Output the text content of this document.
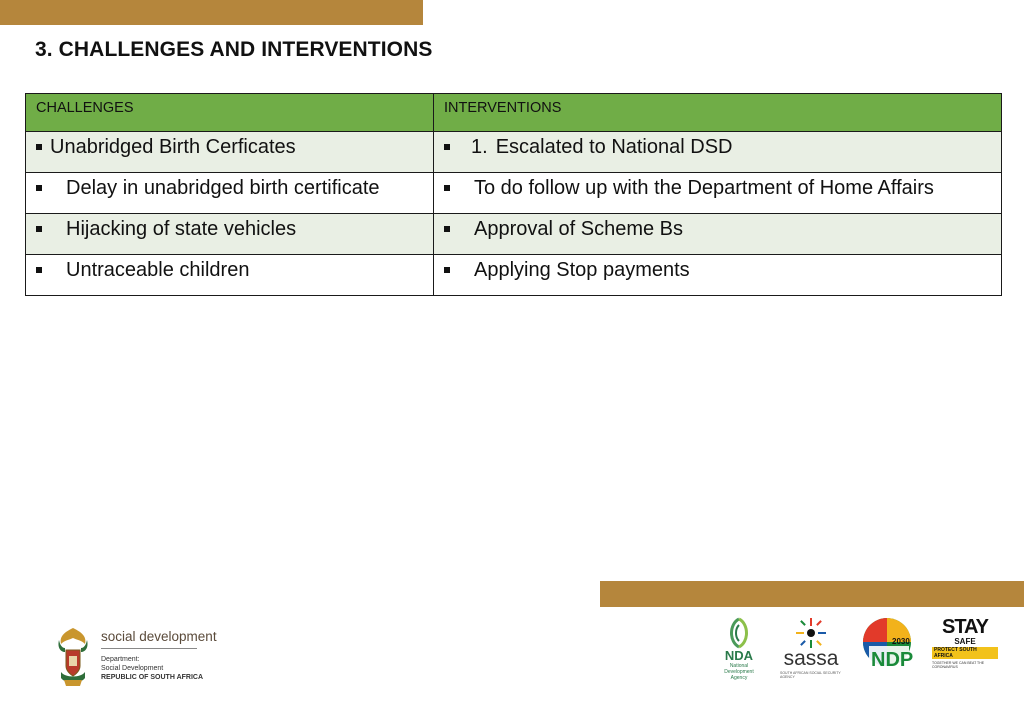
3. CHALLENGES AND INTERVENTIONS
CHALLENGES	INTERVENTIONS

Unabridged Birth Cerficates	1. Escalated to National DSD

Delay in unabridged birth certificate	To do follow up with the Department of Home Affairs

Hijacking of state vehicles	Approval of Scheme Bs

Untraceable children	Applying Stop payments
social development
Department:
Social Development
REPUBLIC OF SOUTH AFRICA
NDA
National
Development
Agency
sassa
SOUTH AFRICAN SOCIAL SECURITY AGENCY
2030
NDP
STAY
SAFE
PROTECT SOUTH AFRICA
TOGETHER WE CAN BEAT THE CORONAVIRUS
